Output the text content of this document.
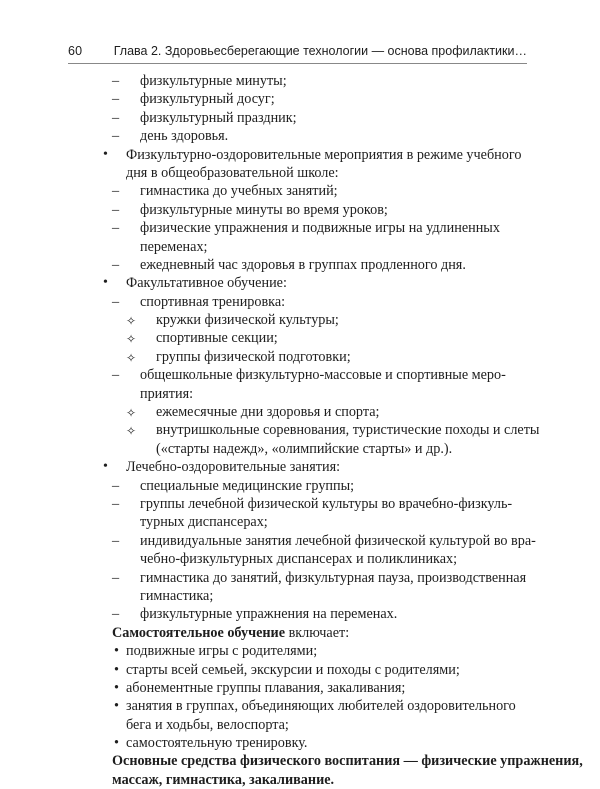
60	Глава 2. Здоровьесберегающие технологии — основа профилактики…
– физкультурные минуты;
– физкультурный досуг;
– физкультурный праздник;
– день здоровья.
• Физкультурно-оздоровительные мероприятия в режиме учебного
дня в общеобразовательной школе:
– гимнастика до учебных занятий;
– физкультурные минуты во время уроков;
– физические упражнения и подвижные игры на удлиненных
переменах;
– ежедневный час здоровья в группах продленного дня.
• Факультативное обучение:
– спортивная тренировка:
✧ кружки физической культуры;
✧ спортивные секции;
✧ группы физической подготовки;
– общешкольные физкультурно-массовые и спортивные меро-
приятия:
✧ ежемесячные дни здоровья и спорта;
✧ внутришкольные соревнования, туристические походы и слеты
(«старты надежд», «олимпийские старты» и др.).
• Лечебно-оздоровительные занятия:
– специальные медицинские группы;
– группы лечебной физической культуры во врачебно-физкуль-
турных диспансерах;
– индивидуальные занятия лечебной физической культурой во вра-
чебно-физкультурных диспансерах и поликлиниках;
– гимнастика до занятий, физкультурная пауза, производственная
гимнастика;
– физкультурные упражнения на переменах.
Самостоятельное обучение включает:
• подвижные игры с родителями;
• старты всей семьей, экскурсии и походы с родителями;
• абонементные группы плавания, закаливания;
• занятия в группах, объединяющих любителей оздоровительного
бега и ходьбы, велоспорта;
• самостоятельную тренировку.
Основные средства физического воспитания — физические упражнения,
массаж, гимнастика, закаливание.
